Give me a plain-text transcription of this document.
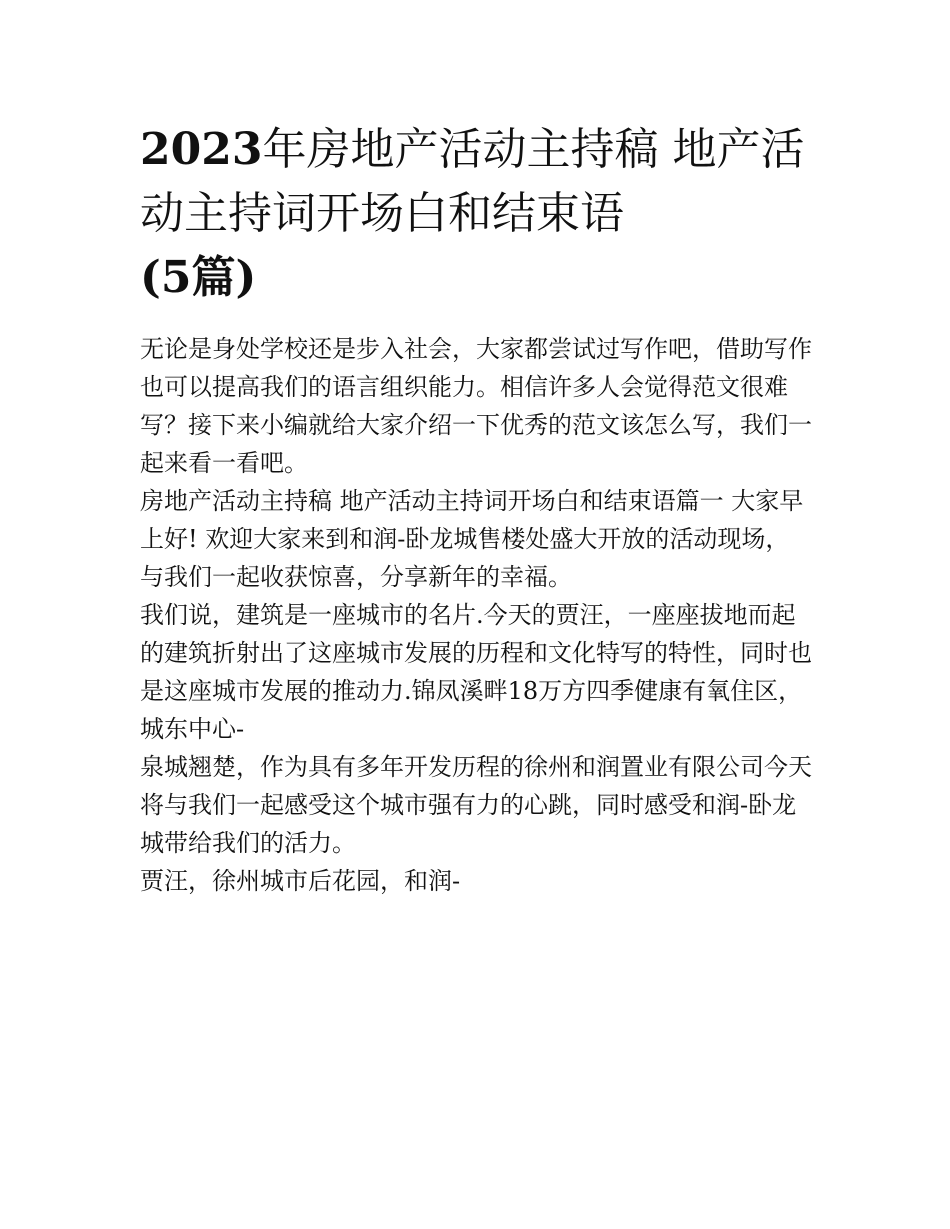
2023年房地产活动主持稿 地产活动主持词开场白和结束语
(5篇)

无论是身处学校还是步入社会，大家都尝试过写作吧，借助写作也可以提高我们的语言组织能力。相信许多人会觉得范文很难写？接下来小编就给大家介绍一下优秀的范文该怎么写，我们一起来看一看吧。

房地产活动主持稿 地产活动主持词开场白和结束语篇一 大家早上好! 欢迎大家来到和润-卧龙城售楼处盛大开放的活动现场，与我们一起收获惊喜，分享新年的幸福。

我们说，建筑是一座城市的名片.今天的贾汪，一座座拔地而起的建筑折射出了这座城市发展的历程和文化特写的特性，同时也是这座城市发展的推动力.锦凤溪畔18万方四季健康有氧住区，城东中心-

泉城翘楚，作为具有多年开发历程的徐州和润置业有限公司今天将与我们一起感受这个城市强有力的心跳，同时感受和润-卧龙城带给我们的活力。

贾汪，徐州城市后花园，和润-
